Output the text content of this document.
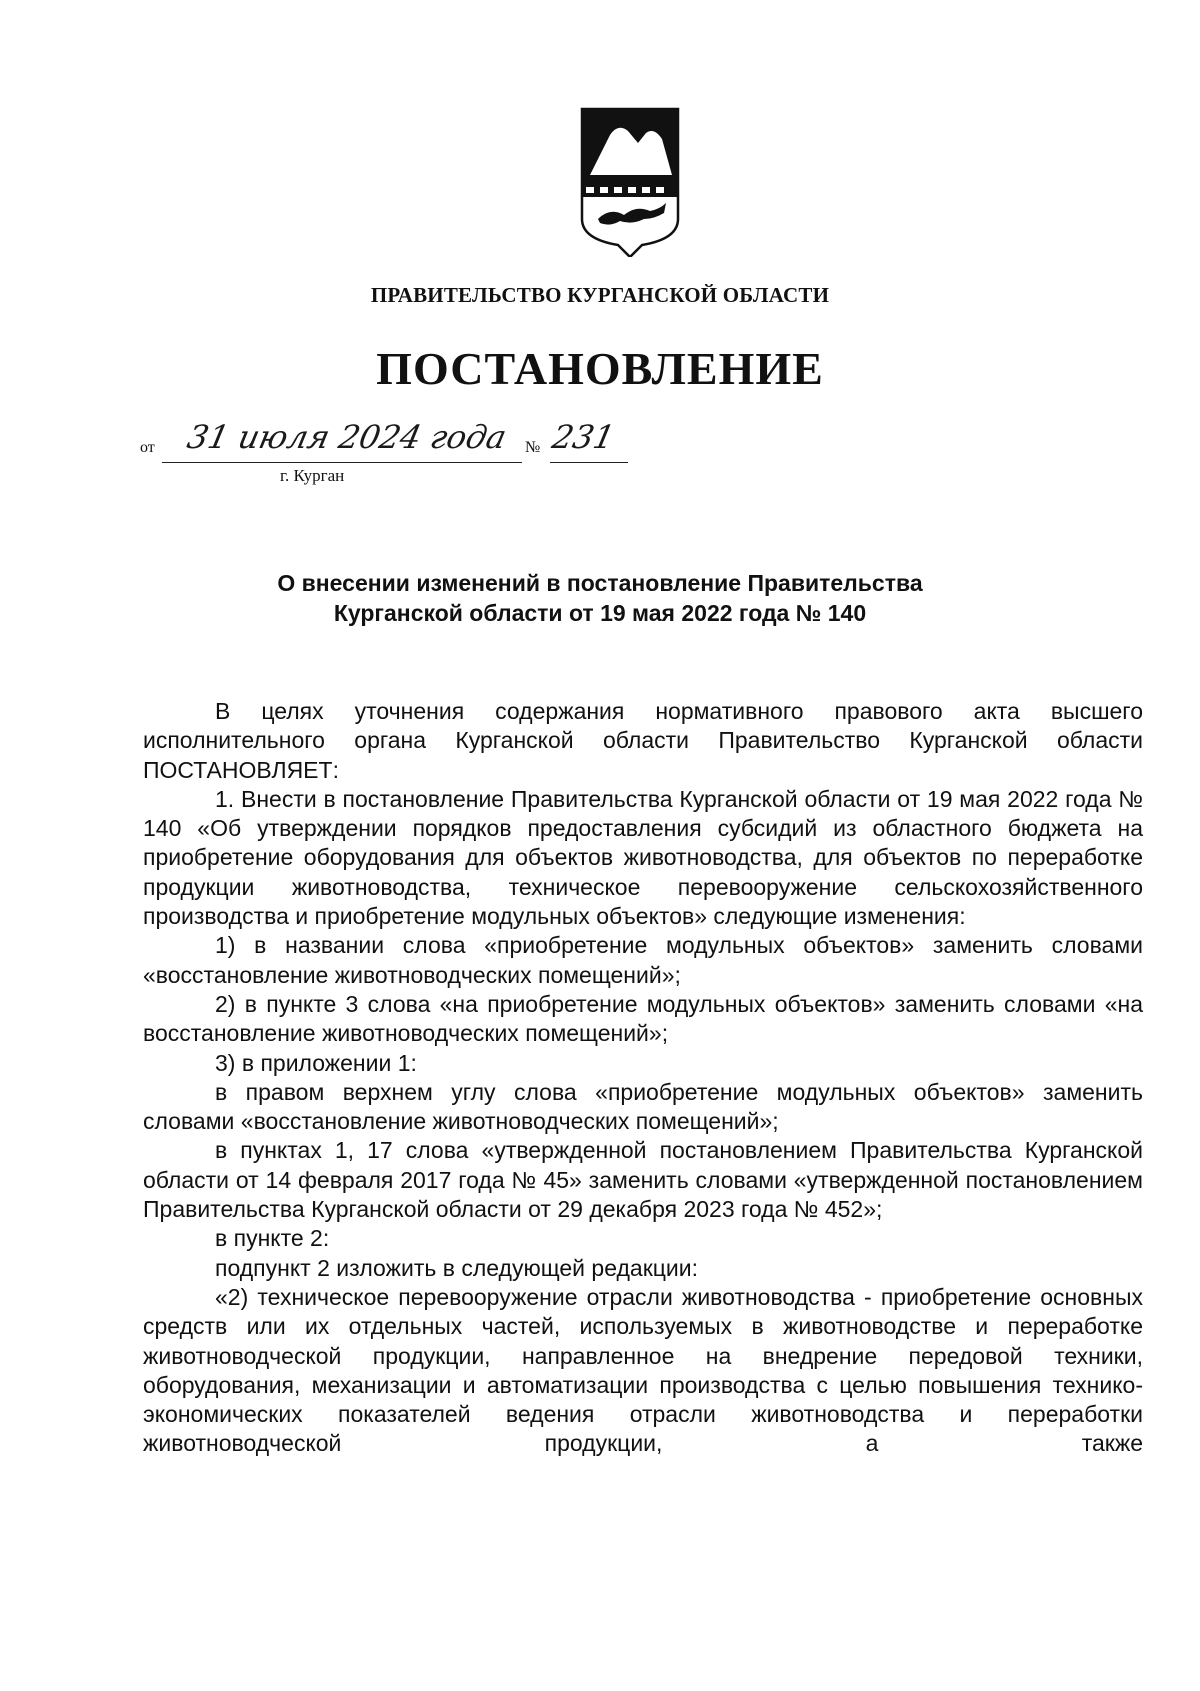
ПРАВИТЕЛЬСТВО КУРГАНСКОЙ ОБЛАСТИ
ПОСТАНОВЛЕНИЕ
от 31 июля 2024 года № 231
г. Курган
О внесении изменений в постановление Правительства
Курганской области от 19 мая 2022 года № 140

В целях уточнения содержания нормативного правового акта высшего исполнительного органа Курганской области Правительство Курганской области ПОСТАНОВЛЯЕТ:

1. Внести в постановление Правительства Курганской области от 19 мая 2022 года № 140 «Об утверждении порядков предоставления субсидий из областного бюджета на приобретение оборудования для объектов животноводства, для объектов по переработке продукции животноводства, техническое перевооружение сельскохозяйственного производства и приобретение модульных объектов» следующие изменения:

1) в названии слова «приобретение модульных объектов» заменить словами «восстановление животноводческих помещений»;

2) в пункте 3 слова «на приобретение модульных объектов» заменить словами «на восстановление животноводческих помещений»;

3) в приложении 1:

в правом верхнем углу слова «приобретение модульных объектов» заменить словами «восстановление животноводческих помещений»;

в пунктах 1, 17 слова «утвержденной постановлением Правительства Курганской области от 14 февраля 2017 года № 45» заменить словами «утвержденной постановлением Правительства Курганской области от 29 декабря 2023 года № 452»;

в пункте 2:

подпункт 2 изложить в следующей редакции:

«2) техническое перевооружение отрасли животноводства - приобретение основных средств или их отдельных частей, используемых в животноводстве и переработке животноводческой продукции, направленное на внедрение передовой техники, оборудования, механизации и автоматизации производства с целью повышения технико-экономических показателей ведения отрасли животноводства и переработки животноводческой продукции, а также
